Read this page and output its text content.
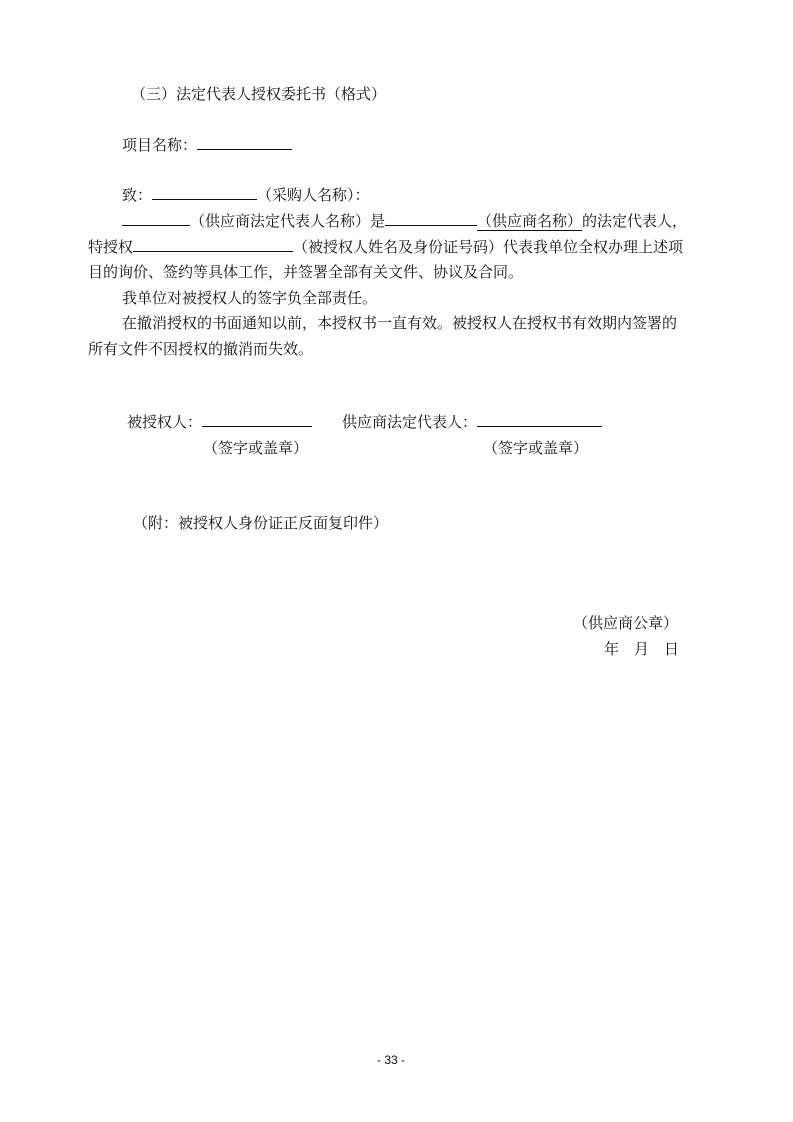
（三）法定代表人授权委托书（格式）
项目名称：
致：	（采购人名称）：
（供应商法定代表人名称）是	（供应商名称）的法定代表人，
特授权	（被授权人姓名及身份证号码）代表我单位全权办理上述项
目的询价、签约等具体工作，并签署全部有关文件、协议及合同。
我单位对被授权人的签字负全部责任。
在撤消授权的书面通知以前，本授权书一直有效。被授权人在授权书有效期内签署的
所有文件不因授权的撤消而失效。
被授权人：	供应商法定代表人：
（签字或盖章）	（签字或盖章）
（附：被授权人身份证正反面复印件）
（供应商公章）
年　月　日
- 33 -
